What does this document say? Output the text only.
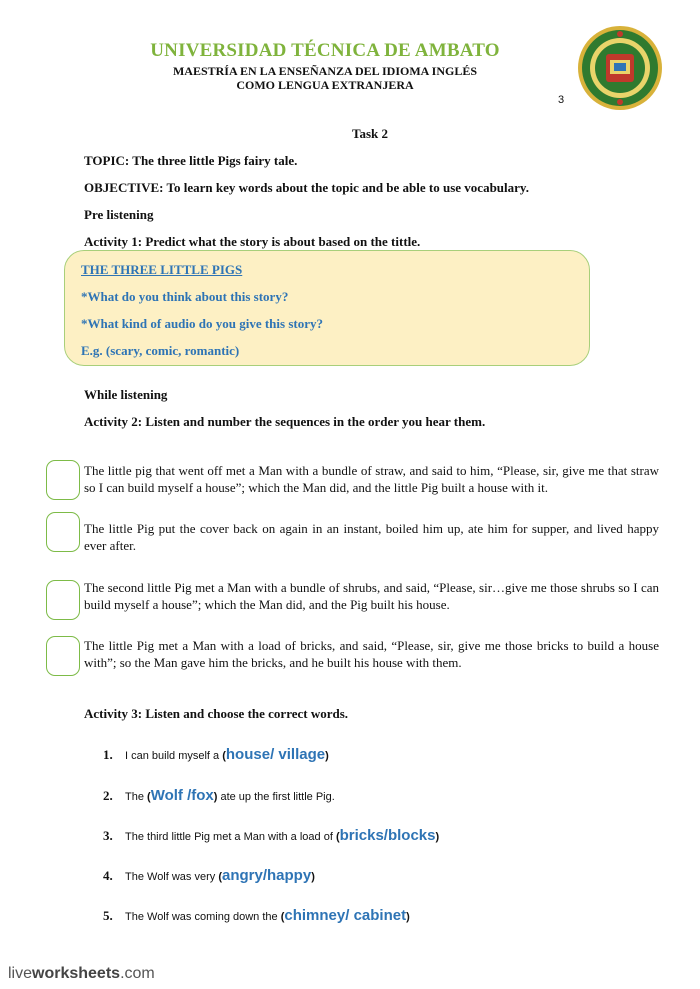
UNIVERSIDAD TÉCNICA DE AMBATO
MAESTRÍA EN LA ENSEÑANZA DEL IDIOMA INGLÉS
COMO LENGUA EXTRANJERA
3
Task 2
TOPIC: The three little Pigs fairy tale.
OBJECTIVE: To learn key words about the topic and be able to use vocabulary.
Pre listening
Activity 1: Predict what the story is about based on the tittle.
THE THREE LITTLE PIGS
*What do you think about this story?
*What kind of audio do you give this story?
E.g. (scary, comic, romantic)
While listening
Activity 2: Listen and number the sequences in the order you hear them.
The little pig that went off met a Man with a bundle of straw, and said to him, “Please, sir, give me that straw so I can build myself a house”; which the Man did, and the little Pig built a house with it.
The little Pig put the cover back on again in an instant, boiled him up, ate him for supper, and lived happy ever after.
The second little Pig met a Man with a bundle of shrubs, and said, “Please, sir…give me those shrubs so I can build myself a house”; which the Man did, and the Pig built his house.
The little Pig met a Man with a load of bricks, and said, “Please, sir, give me those bricks to build a house with”; so the Man gave him the bricks, and he built his house with them.
Activity 3: Listen and choose the correct words.
1. I can build myself a (house/ village)
2. The (Wolf /fox) ate up the first little Pig.
3. The third little Pig met a Man with a load of (bricks/blocks)
4. The Wolf was very (angry/happy)
5. The Wolf was coming down the (chimney/ cabinet)
liveworksheets.com
